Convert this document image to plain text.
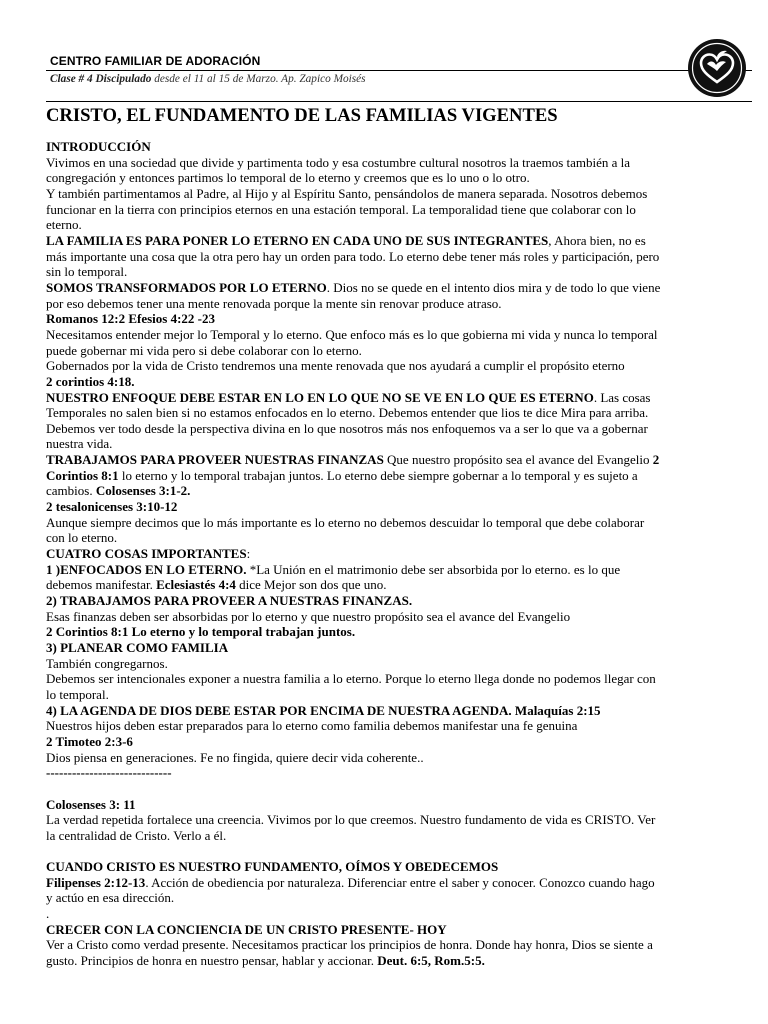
CENTRO FAMILIAR DE ADORACIÓN
Clase # 4 Discipulado desde el 11 al 15 de Marzo. Ap. Zapico Moisés
CRISTO, EL FUNDAMENTO DE LAS FAMILIAS VIGENTES
INTRODUCCIÓN
Vivimos en una sociedad que divide y partimenta todo y esa costumbre cultural nosotros la traemos también a la
congregación y entonces partimos lo temporal de lo eterno y creemos que es lo uno o lo otro.
Y también partimentamos al Padre, al Hijo y al Espíritu Santo, pensándolos de manera separada. Nosotros debemos
funcionar en la tierra con principios eternos en una estación temporal. La temporalidad tiene que colaborar con lo
eterno.
LA FAMILIA ES PARA PONER LO ETERNO EN CADA UNO DE SUS INTEGRANTES, Ahora bien, no es
más importante una cosa que la otra pero hay un orden para todo. Lo eterno debe tener más roles y participación, pero
sin lo temporal.
SOMOS TRANSFORMADOS POR LO ETERNO. Dios no se quede en el intento dios mira y de todo lo que viene
por eso debemos tener una mente renovada porque la mente sin renovar produce atraso.
Romanos 12:2 Efesios 4:22 -23
Necesitamos entender mejor lo Temporal y lo eterno. Que enfoco más es lo que gobierna mi vida y nunca lo temporal
puede gobernar mi vida pero si debe colaborar con lo eterno.
Gobernados por la vida de Cristo tendremos una mente renovada que nos ayudará a cumplir el propósito eterno
2 corintios 4:18.
NUESTRO ENFOQUE DEBE ESTAR EN LO EN LO QUE NO SE VE EN LO QUE ES ETERNO. Las cosas
Temporales no salen bien si no estamos enfocados en lo eterno. Debemos entender que lios te dice Mira para arriba.
Debemos ver todo desde la perspectiva divina en lo que nosotros más nos enfoquemos va a ser lo que va a gobernar
nuestra vida.
TRABAJAMOS PARA PROVEER NUESTRAS FINANZAS Que nuestro propósito sea el avance del Evangelio 2
Corintios 8:1 lo eterno y lo temporal trabajan juntos. Lo eterno debe siempre gobernar a lo temporal y es sujeto a
cambios. Colosenses 3:1-2.
2 tesalonicenses 3:10-12
Aunque siempre decimos que lo más importante es lo eterno no debemos descuidar lo temporal que debe colaborar
con lo eterno.
CUATRO COSAS IMPORTANTES:
1 )ENFOCADOS EN LO ETERNO. *La Unión en el matrimonio debe ser absorbida por lo eterno. es lo que
debemos manifestar. Eclesiastés 4:4 dice Mejor son dos que uno.
2) TRABAJAMOS PARA PROVEER A NUESTRAS FINANZAS.
Esas finanzas deben ser absorbidas por lo eterno y que nuestro propósito sea el avance del Evangelio
2 Corintios 8:1 Lo eterno y lo temporal trabajan juntos.
3) PLANEAR COMO FAMILIA
También congregarnos.
Debemos ser intencionales exponer a nuestra familia a lo eterno. Porque lo eterno llega donde no podemos llegar con
lo temporal.
4) LA AGENDA DE DIOS DEBE ESTAR POR ENCIMA DE NUESTRA AGENDA. Malaquías 2:15
Nuestros hijos deben estar preparados para lo eterno como familia debemos manifestar una fe genuina
2 Timoteo 2:3-6
Dios piensa en generaciones. Fe no fingida, quiere decir vida coherente..
-----------------------------
Colosenses 3: 11
La verdad repetida fortalece una creencia. Vivimos por lo que creemos. Nuestro fundamento de vida es CRISTO. Ver
la centralidad de Cristo. Verlo a él.
CUANDO CRISTO ES NUESTRO FUNDAMENTO, OÍMOS Y OBEDECEMOS
Filipenses 2:12-13. Acción de obediencia por naturaleza. Diferenciar entre el saber y conocer. Conozco cuando hago
y actúo en esa dirección.
.
CRECER CON LA CONCIENCIA DE UN CRISTO PRESENTE- HOY
Ver a Cristo como verdad presente. Necesitamos practicar los principios de honra. Donde hay honra, Dios se siente a
gusto. Principios de honra en nuestro pensar, hablar y accionar. Deut. 6:5, Rom.5:5.
